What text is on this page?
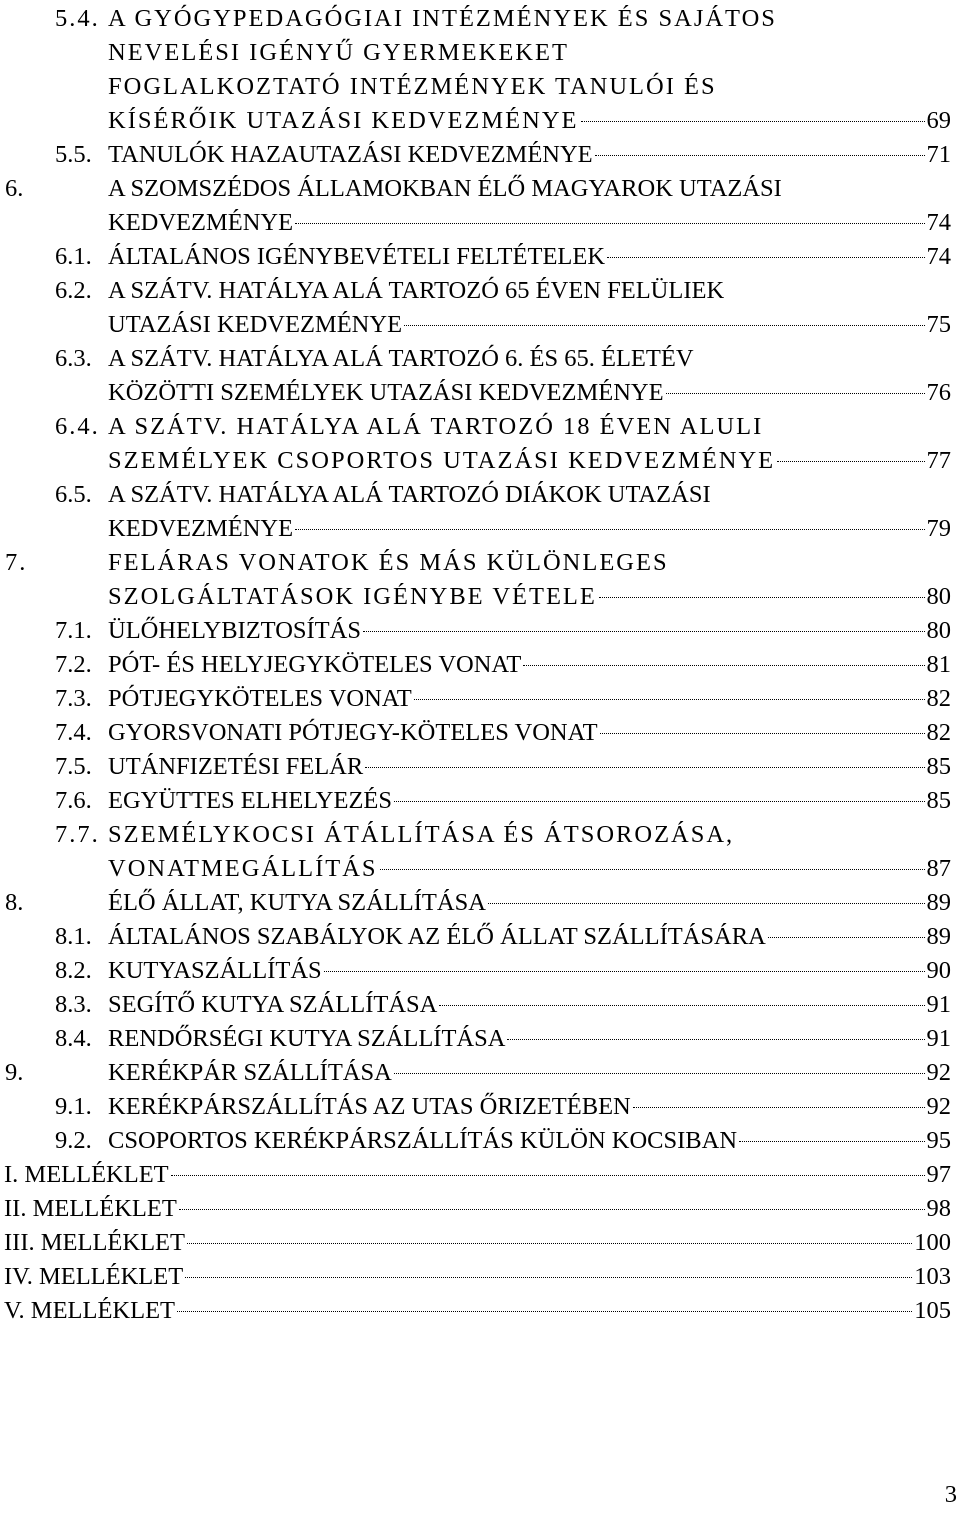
5.4. A GYÓGYPEDAGÓGIAI INTÉZMÉNYEK ÉS SAJÁTOS
NEVELÉSI IGÉNYŰ GYERMEKEKET
FOGLALKOZTATÓ INTÉZMÉNYEK TANULÓI ÉS
KÍSÉRŐIK UTAZÁSI KEDVEZMÉNYE	69
5.5. TANULÓK HAZAUTAZÁSI KEDVEZMÉNYE	71
6.	A SZOMSZÉDOS ÁLLAMOKBAN ÉLŐ MAGYAROK UTAZÁSI
KEDVEZMÉNYE	74
6.1. ÁLTALÁNOS IGÉNYBEVÉTELI FELTÉTELEK	74
6.2. A SZÁTV. HATÁLYA ALÁ TARTOZÓ 65 ÉVEN FELÜLIEK
UTAZÁSI KEDVEZMÉNYE	75
6.3. A SZÁTV. HATÁLYA ALÁ TARTOZÓ 6. ÉS 65. ÉLETÉV
KÖZÖTTI SZEMÉLYEK UTAZÁSI KEDVEZMÉNYE	76
6.4. A SZÁTV. HATÁLYA ALÁ TARTOZÓ 18 ÉVEN ALULI
SZEMÉLYEK CSOPORTOS UTAZÁSI KEDVEZMÉNYE	77
6.5. A SZÁTV. HATÁLYA ALÁ TARTOZÓ DIÁKOK UTAZÁSI
KEDVEZMÉNYE	79
7.	FELÁRAS VONATOK ÉS MÁS KÜLÖNLEGES
SZOLGÁLTATÁSOK IGÉNYBE VÉTELE	80
7.1. ÜLŐHELYBIZTOSÍTÁS	80
7.2. PÓT- ÉS HELYJEGYKÖTELES VONAT	81
7.3. PÓTJEGYKÖTELES VONAT	82
7.4. GYORSVONATI PÓTJEGY-KÖTELES VONAT	82
7.5. UTÁNFIZETÉSI FELÁR	85
7.6. EGYÜTTES ELHELYEZÉS	85
7.7. SZEMÉLYKOCSI ÁTÁLLÍTÁSA ÉS ÁTSOROZÁSA,
VONATMEGÁLLÍTÁS	87
8.	ÉLŐ ÁLLAT, KUTYA SZÁLLÍTÁSA	89
8.1. ÁLTALÁNOS SZABÁLYOK AZ ÉLŐ ÁLLAT SZÁLLÍTÁSÁRA	89
8.2. KUTYASZÁLLÍTÁS	90
8.3. SEGÍTŐ KUTYA SZÁLLÍTÁSA	91
8.4. RENDŐRSÉGI KUTYA SZÁLLÍTÁSA	91
9.	KERÉKPÁR SZÁLLÍTÁSA	92
9.1. KERÉKPÁRSZÁLLÍTÁS AZ UTAS ŐRIZETÉBEN	92
9.2. CSOPORTOS KERÉKPÁRSZÁLLÍTÁS KÜLÖN KOCSIBAN	95
I. MELLÉKLET	97
II. MELLÉKLET	98
III. MELLÉKLET	100
IV. MELLÉKLET	103
V. MELLÉKLET	105
3
